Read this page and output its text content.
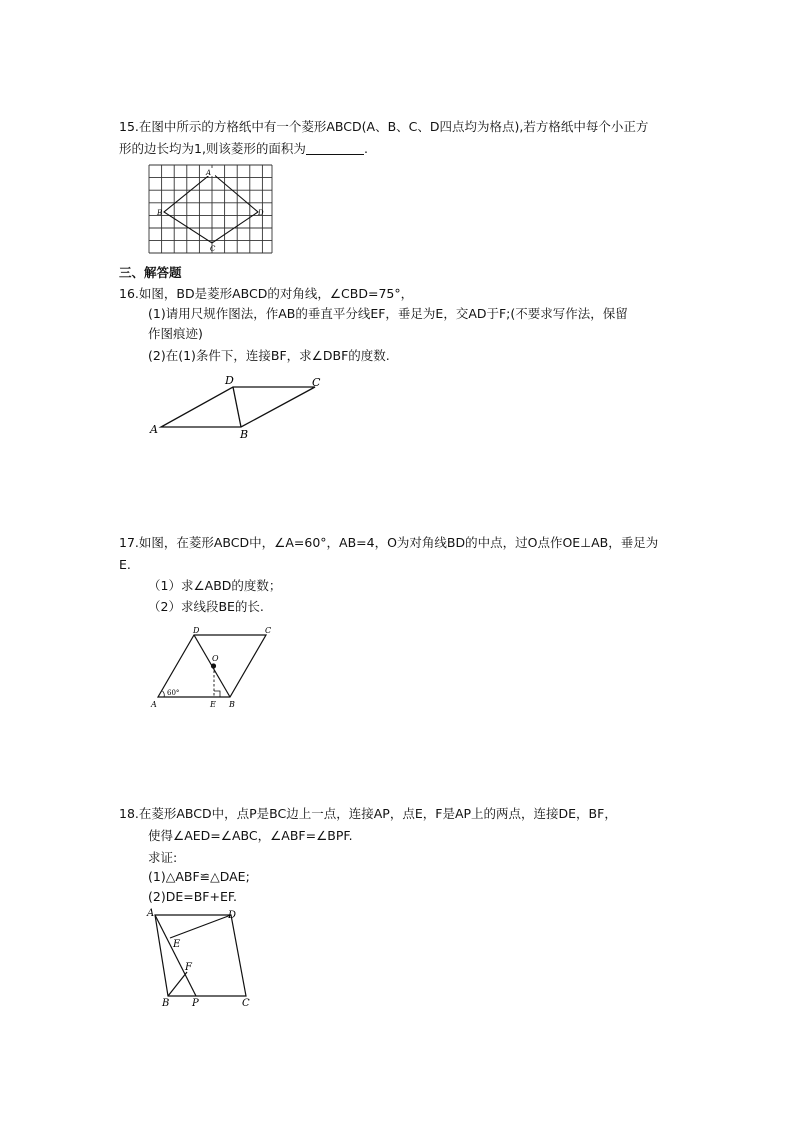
15.在图中所示的方格纸中有一个菱形ABCD(A、B、C、D四点均为格点),若方格纸中每个小正方
形的边长均为1,则该菱形的面积为	.
A
B
C
D
三、解答题
16.如图，BD是菱形ABCD的对角线，∠CBD=75°，
(1)请用尺规作图法，作AB的垂直平分线EF，垂足为E，交AD于F;(不要求写作法，保留
作图痕迹)
(2)在(1)条件下，连接BF，求∠DBF的度数.
A	B
C
D
17.如图，在菱形ABCD中，∠A=60°，AB=4，O为对角线BD的中点，过O点作OE⊥AB，垂足为
E.
（1）求∠ABD的度数；
（2）求线段BE的长.
A	B
C
D
E
O
60°
18.在菱形ABCD中，点P是BC边上一点，连接AP，点E，F是AP上的两点，连接DE，BF，
使得∠AED=∠ABC，∠ABF=∠BPF.
求证:
(1)△ABF≌△DAE;
(2)DE=BF+EF.
A
B	C
D
E
F
P
